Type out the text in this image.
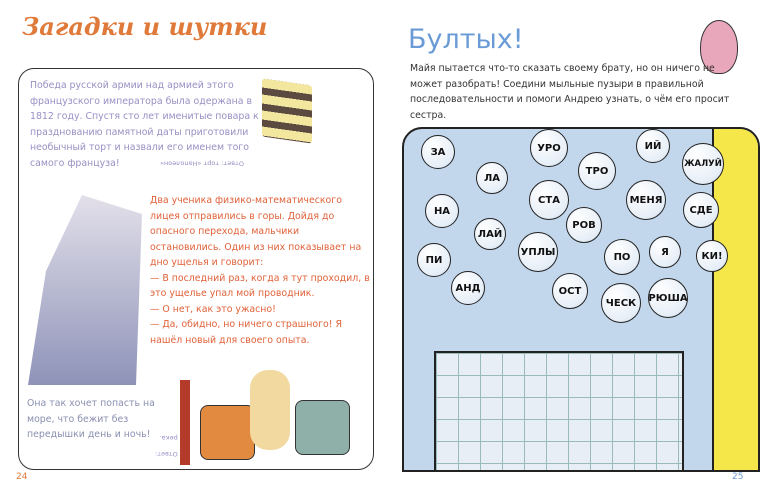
Загадки и шутки
Победа русской армии над армией этого французского императора была одержана в 1812 году. Спустя сто лет именитые повара к празднованию памятной даты приготовили необычный торт и назвали его именем того самого француза!	Ответ: торт «Наполеон»
Два ученика физико-математического лицея отправились в горы. Дойдя до опасного перехода, мальчики остановились. Один из них показывает на дно ущелья и говорит:
— В последний раз, когда я тут проходил, в это ущелье упал мой проводник.
— О нет, как это ужасно!
— Да, обидно, но ничего страшного! Я нашёл новый для своего опыта.
Она так хочет попасть на море, что бежит без передышки день и ночь!
Ответ: река.
24
Бултых!
Майя пытается что-то сказать своему брату, но он ничего не может разобрать! Соедини мыльные пузыри в правильной последовательности и помоги Андрею узнать, о чём его просит сестра.
ЗА
ЛА
НА
ЛАЙ
ПИ
АНД
УРО
ТРО
СТА
РОВ
УПЛЫ
ОСТ
ПО
ЧЕСК
ИЙ
МЕНЯ
Я
РЮША
ЖАЛУЙ
СДЕ
КИ!
25
